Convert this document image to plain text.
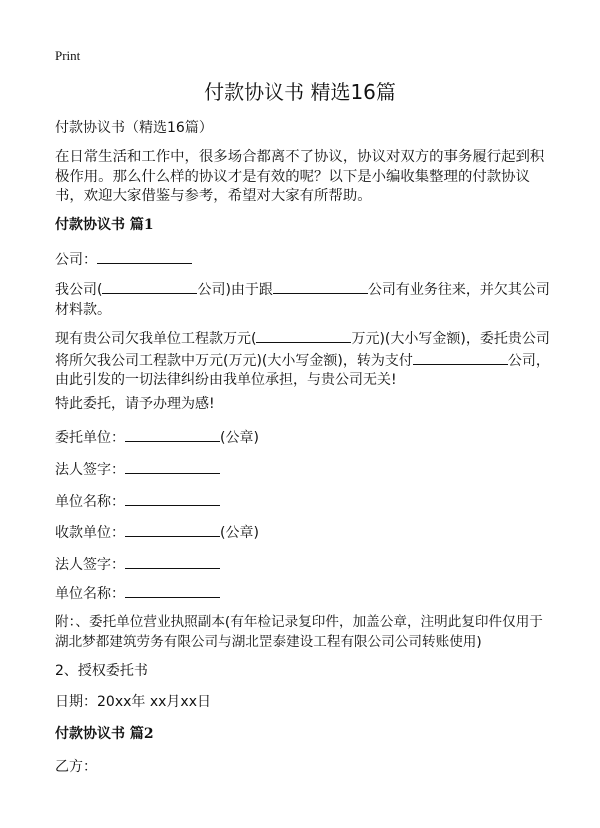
Print
付款协议书 精选16篇
付款协议书（精选16篇）
在日常生活和工作中，很多场合都离不了协议，协议对双方的事务履行起到积极作用。那么什么样的协议才是有效的呢？以下是小编收集整理的付款协议书，欢迎大家借鉴与参考，希望对大家有所帮助。
付款协议书 篇1
公司：
我公司(	公司)由于跟	公司有业务往来，并欠其公司
材料款。
现有贵公司欠我单位工程款万元(	万元)(大小写金额)，委托贵公司
将所欠我公司工程款中万元(万元)(大小写金额)，转为支付	公司，
由此引发的一切法律纠纷由我单位承担，与贵公司无关!
特此委托，请予办理为感!
委托单位：	(公章)
法人签字：
单位名称：
收款单位：	(公章)
法人签字：
单位名称：
附：、委托单位营业执照副本(有年检记录复印件，加盖公章，注明此复印件仅用于湖北梦都建筑劳务有限公司与湖北罡泰建设工程有限公司公司转账使用)
2、授权委托书
日期：20xx年 xx月xx日
付款协议书 篇2
乙方：
